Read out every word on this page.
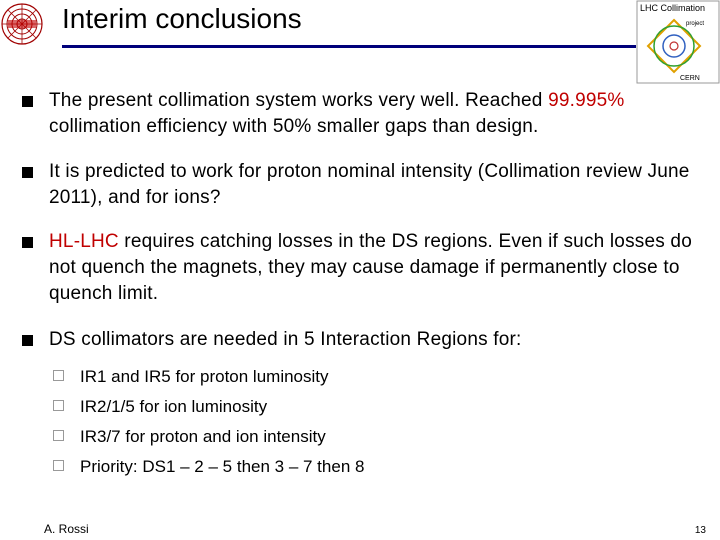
Interim conclusions	LHC Collimation
project
CERN
The present collimation system works very well. Reached 99.995% collimation efficiency with 50% smaller gaps than design.
It is predicted to work for proton nominal intensity (Collimation review June 2011), and for ions?
HL-LHC requires catching losses in the DS regions. Even if such losses do not quench the magnets, they may cause damage if permanently close to quench limit.
DS collimators are needed in 5 Interaction Regions for:
IR1 and IR5 for proton luminosity
IR2/1/5 for ion luminosity
IR3/7 for proton and ion intensity
Priority: DS1 – 2 – 5 then 3 – 7 then 8
A. Rossi	13
